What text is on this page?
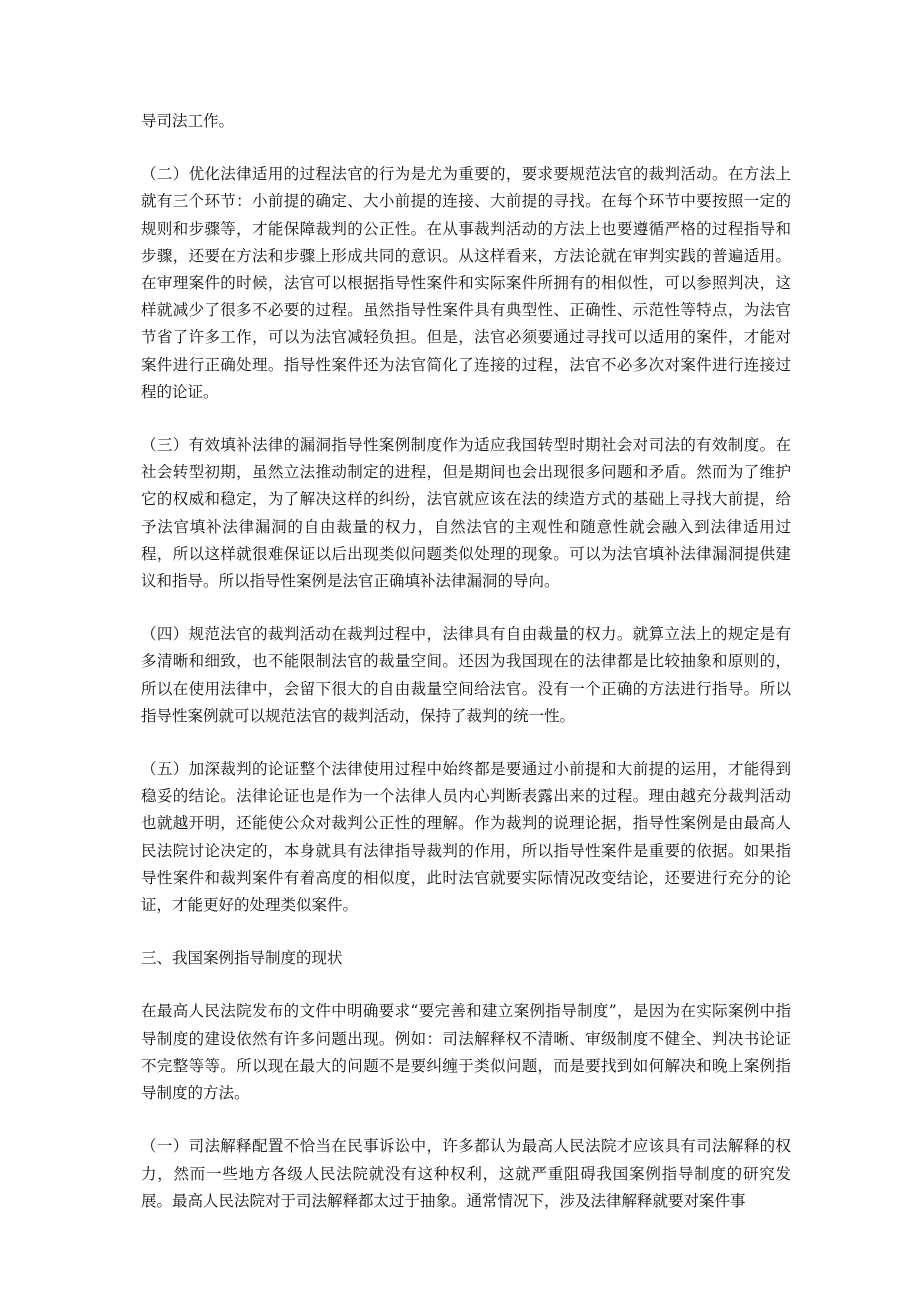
导司法工作。

（二）优化法律适用的过程法官的行为是尤为重要的，要求要规范法官的裁判活动。在方法上就有三个环节：小前提的确定、大小前提的连接、大前提的寻找。在每个环节中要按照一定的规则和步骤等，才能保障裁判的公正性。在从事裁判活动的方法上也要遵循严格的过程指导和步骤，还要在方法和步骤上形成共同的意识。从这样看来，方法论就在审判实践的普遍适用。在审理案件的时候，法官可以根据指导性案件和实际案件所拥有的相似性，可以参照判决，这样就减少了很多不必要的过程。虽然指导性案件具有典型性、正确性、示范性等特点，为法官节省了许多工作，可以为法官减轻负担。但是，法官必须要通过寻找可以适用的案件，才能对案件进行正确处理。指导性案件还为法官简化了连接的过程，法官不必多次对案件进行连接过程的论证。

（三）有效填补法律的漏洞指导性案例制度作为适应我国转型时期社会对司法的有效制度。在社会转型初期，虽然立法推动制定的进程，但是期间也会出现很多问题和矛盾。然而为了维护它的权威和稳定，为了解决这样的纠纷，法官就应该在法的续造方式的基础上寻找大前提，给予法官填补法律漏洞的自由裁量的权力，自然法官的主观性和随意性就会融入到法律适用过程，所以这样就很难保证以后出现类似问题类似处理的现象。可以为法官填补法律漏洞提供建议和指导。所以指导性案例是法官正确填补法律漏洞的导向。

（四）规范法官的裁判活动在裁判过程中，法律具有自由裁量的权力。就算立法上的规定是有多清晰和细致，也不能限制法官的裁量空间。还因为我国现在的法律都是比较抽象和原则的，所以在使用法律中，会留下很大的自由裁量空间给法官。没有一个正确的方法进行指导。所以指导性案例就可以规范法官的裁判活动，保持了裁判的统一性。

（五）加深裁判的论证整个法律使用过程中始终都是要通过小前提和大前提的运用，才能得到稳妥的结论。法律论证也是作为一个法律人员内心判断表露出来的过程。理由越充分裁判活动也就越开明，还能使公众对裁判公正性的理解。作为裁判的说理论据，指导性案例是由最高人民法院讨论决定的，本身就具有法律指导裁判的作用，所以指导性案件是重要的依据。如果指导性案件和裁判案件有着高度的相似度，此时法官就要实际情况改变结论，还要进行充分的论证，才能更好的处理类似案件。

三、我国案例指导制度的现状

在最高人民法院发布的文件中明确要求“要完善和建立案例指导制度”，是因为在实际案例中指导制度的建设依然有许多问题出现。例如：司法解释权不清晰、审级制度不健全、判决书论证不完整等等。所以现在最大的问题不是要纠缠于类似问题，而是要找到如何解决和晚上案例指导制度的方法。

（一）司法解释配置不恰当在民事诉讼中，许多都认为最高人民法院才应该具有司法解释的权力，然而一些地方各级人民法院就没有这种权利，这就严重阻碍我国案例指导制度的研究发展。最高人民法院对于司法解释都太过于抽象。通常情况下，涉及法律解释就要对案件事
